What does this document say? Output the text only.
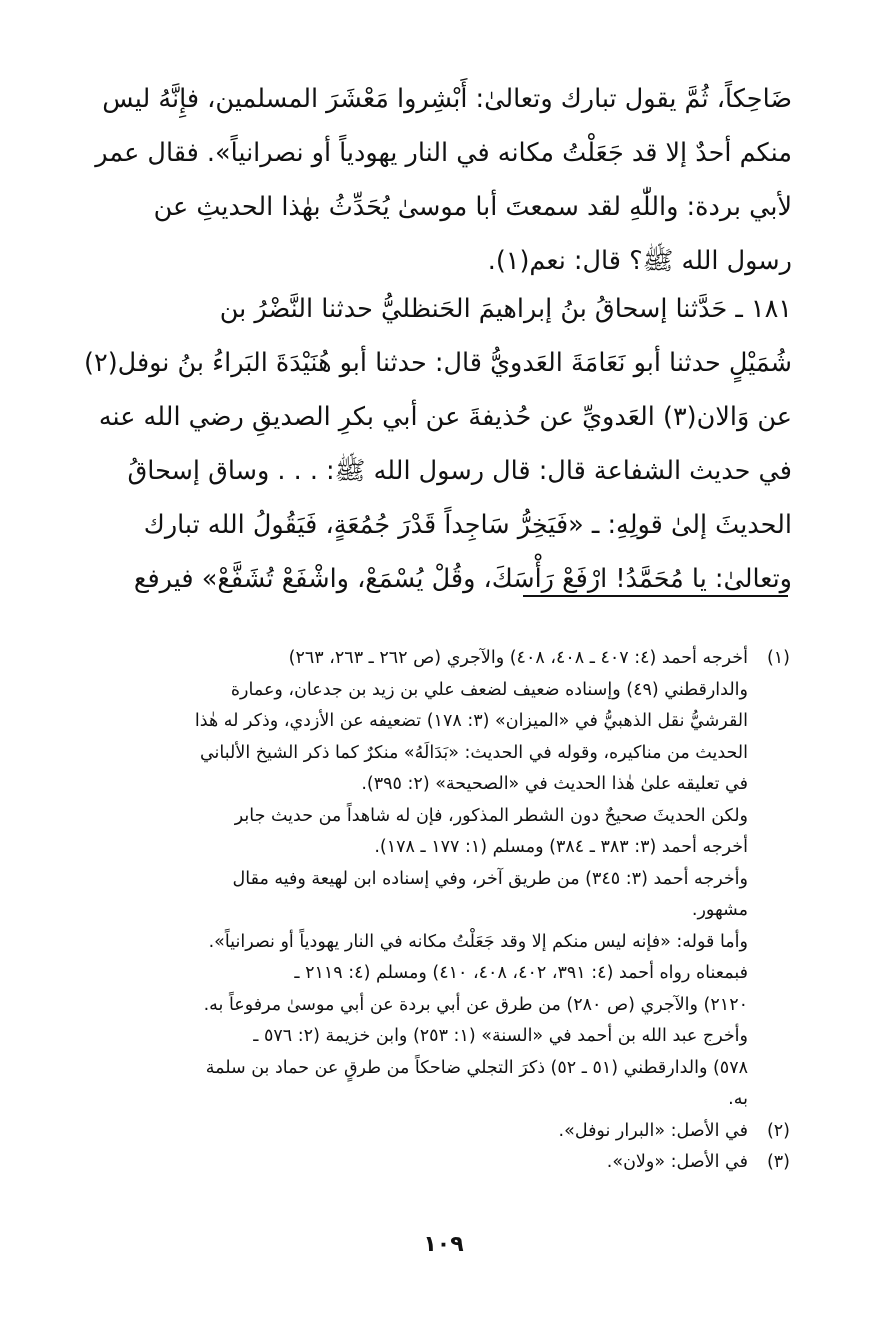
ضَاحِكاً، ثُمَّ يقول تبارك وتعالىٰ: أَبْشِروا مَعْشَرَ المسلمين، فإِنَّهُ ليس
منكم أحدٌ إلا قد جَعَلْتُ مكانه في النار يهودياً أو نصرانياً». فقال عمر
لأبي بردة: واللّٰهِ لقد سمعتَ أبا موسىٰ يُحَدِّثُ بهٰذا الحديثِ عن
رسول الله ﷺ؟ قال: نعم(١).
١٨١ ـ حَدَّثنا إسحاقُ بنُ إبراهيمَ الحَنظليُّ حدثنا النَّضْرُ بن
شُمَيْلٍ حدثنا أبو نَعَامَةَ العَدويُّ قال: حدثنا أبو هُنَيْدَةَ البَراءُ بنُ نوفل(٢)
عن وَالان(٣) العَدويِّ عن حُذيفةَ عن أبي بكرِ الصديقِ رضي الله عنه
في حديث الشفاعة قال: قال رسول الله ﷺ: . . . وساق إسحاقُ
الحديثَ إلىٰ قولِهِ: ـ «فَيَخِرُّ سَاجِداً قَدْرَ جُمُعَةٍ، فَيَقُولُ الله تبارك
وتعالىٰ: يا مُحَمَّدُ! ارْفَعْ رَأْسَكَ، وقُلْ يُسْمَعْ، واشْفَعْ تُشَفَّعْ» فيرفع
(١)
أخرجه أحمد (٤: ٤٠٧ ـ ٤٠٨، ٤٠٨) والآجري (ص ٢٦٢ ـ ٢٦٣، ٢٦٣)
والدارقطني (٤٩) وإسناده ضعيف لضعف علي بن زيد بن جدعان، وعمارة
القرشيُّ نقل الذهبيُّ في «الميزان» (٣: ١٧٨) تضعيفه عن الأزدي، وذكر له هٰذا
الحديث من مناكيره، وقوله في الحديث: «بَدَالَهُ» منكرٌ كما ذكر الشيخ الألباني
في تعليقه علىٰ هٰذا الحديث في «الصحيحة» (٢: ٣٩٥).
ولكن الحديثَ صحيحٌ دون الشطر المذكور، فإن له شاهداً من حديث جابر
أخرجه أحمد (٣: ٣٨٣ ـ ٣٨٤) ومسلم (١: ١٧٧ ـ ١٧٨).
وأخرجه أحمد (٣: ٣٤٥) من طريق آخر، وفي إسناده ابن لهيعة وفيه مقال
مشهور.
وأما قوله: «فإنه ليس منكم إلا وقد جَعَلْتُ مكانه في النار يهودياً أو نصرانياً».
فبمعناه رواه أحمد (٤: ٣٩١، ٤٠٢، ٤٠٨، ٤١٠) ومسلم (٤: ٢١١٩ ـ
٢١٢٠) والآجري (ص ٢٨٠) من طرق عن أبي بردة عن أبي موسىٰ مرفوعاً به.
وأخرج عبد الله بن أحمد في «السنة» (١: ٢٥٣) وابن خزيمة (٢: ٥٧٦ ـ
٥٧٨) والدارقطني (٥١ ـ ٥٢) ذكرَ التجلي ضاحكاً من طرقٍ عن حماد بن سلمة
به.
(٢)
في الأصل: «البرار نوفل».
(٣)
في الأصل: «ولان».
١٠٩
